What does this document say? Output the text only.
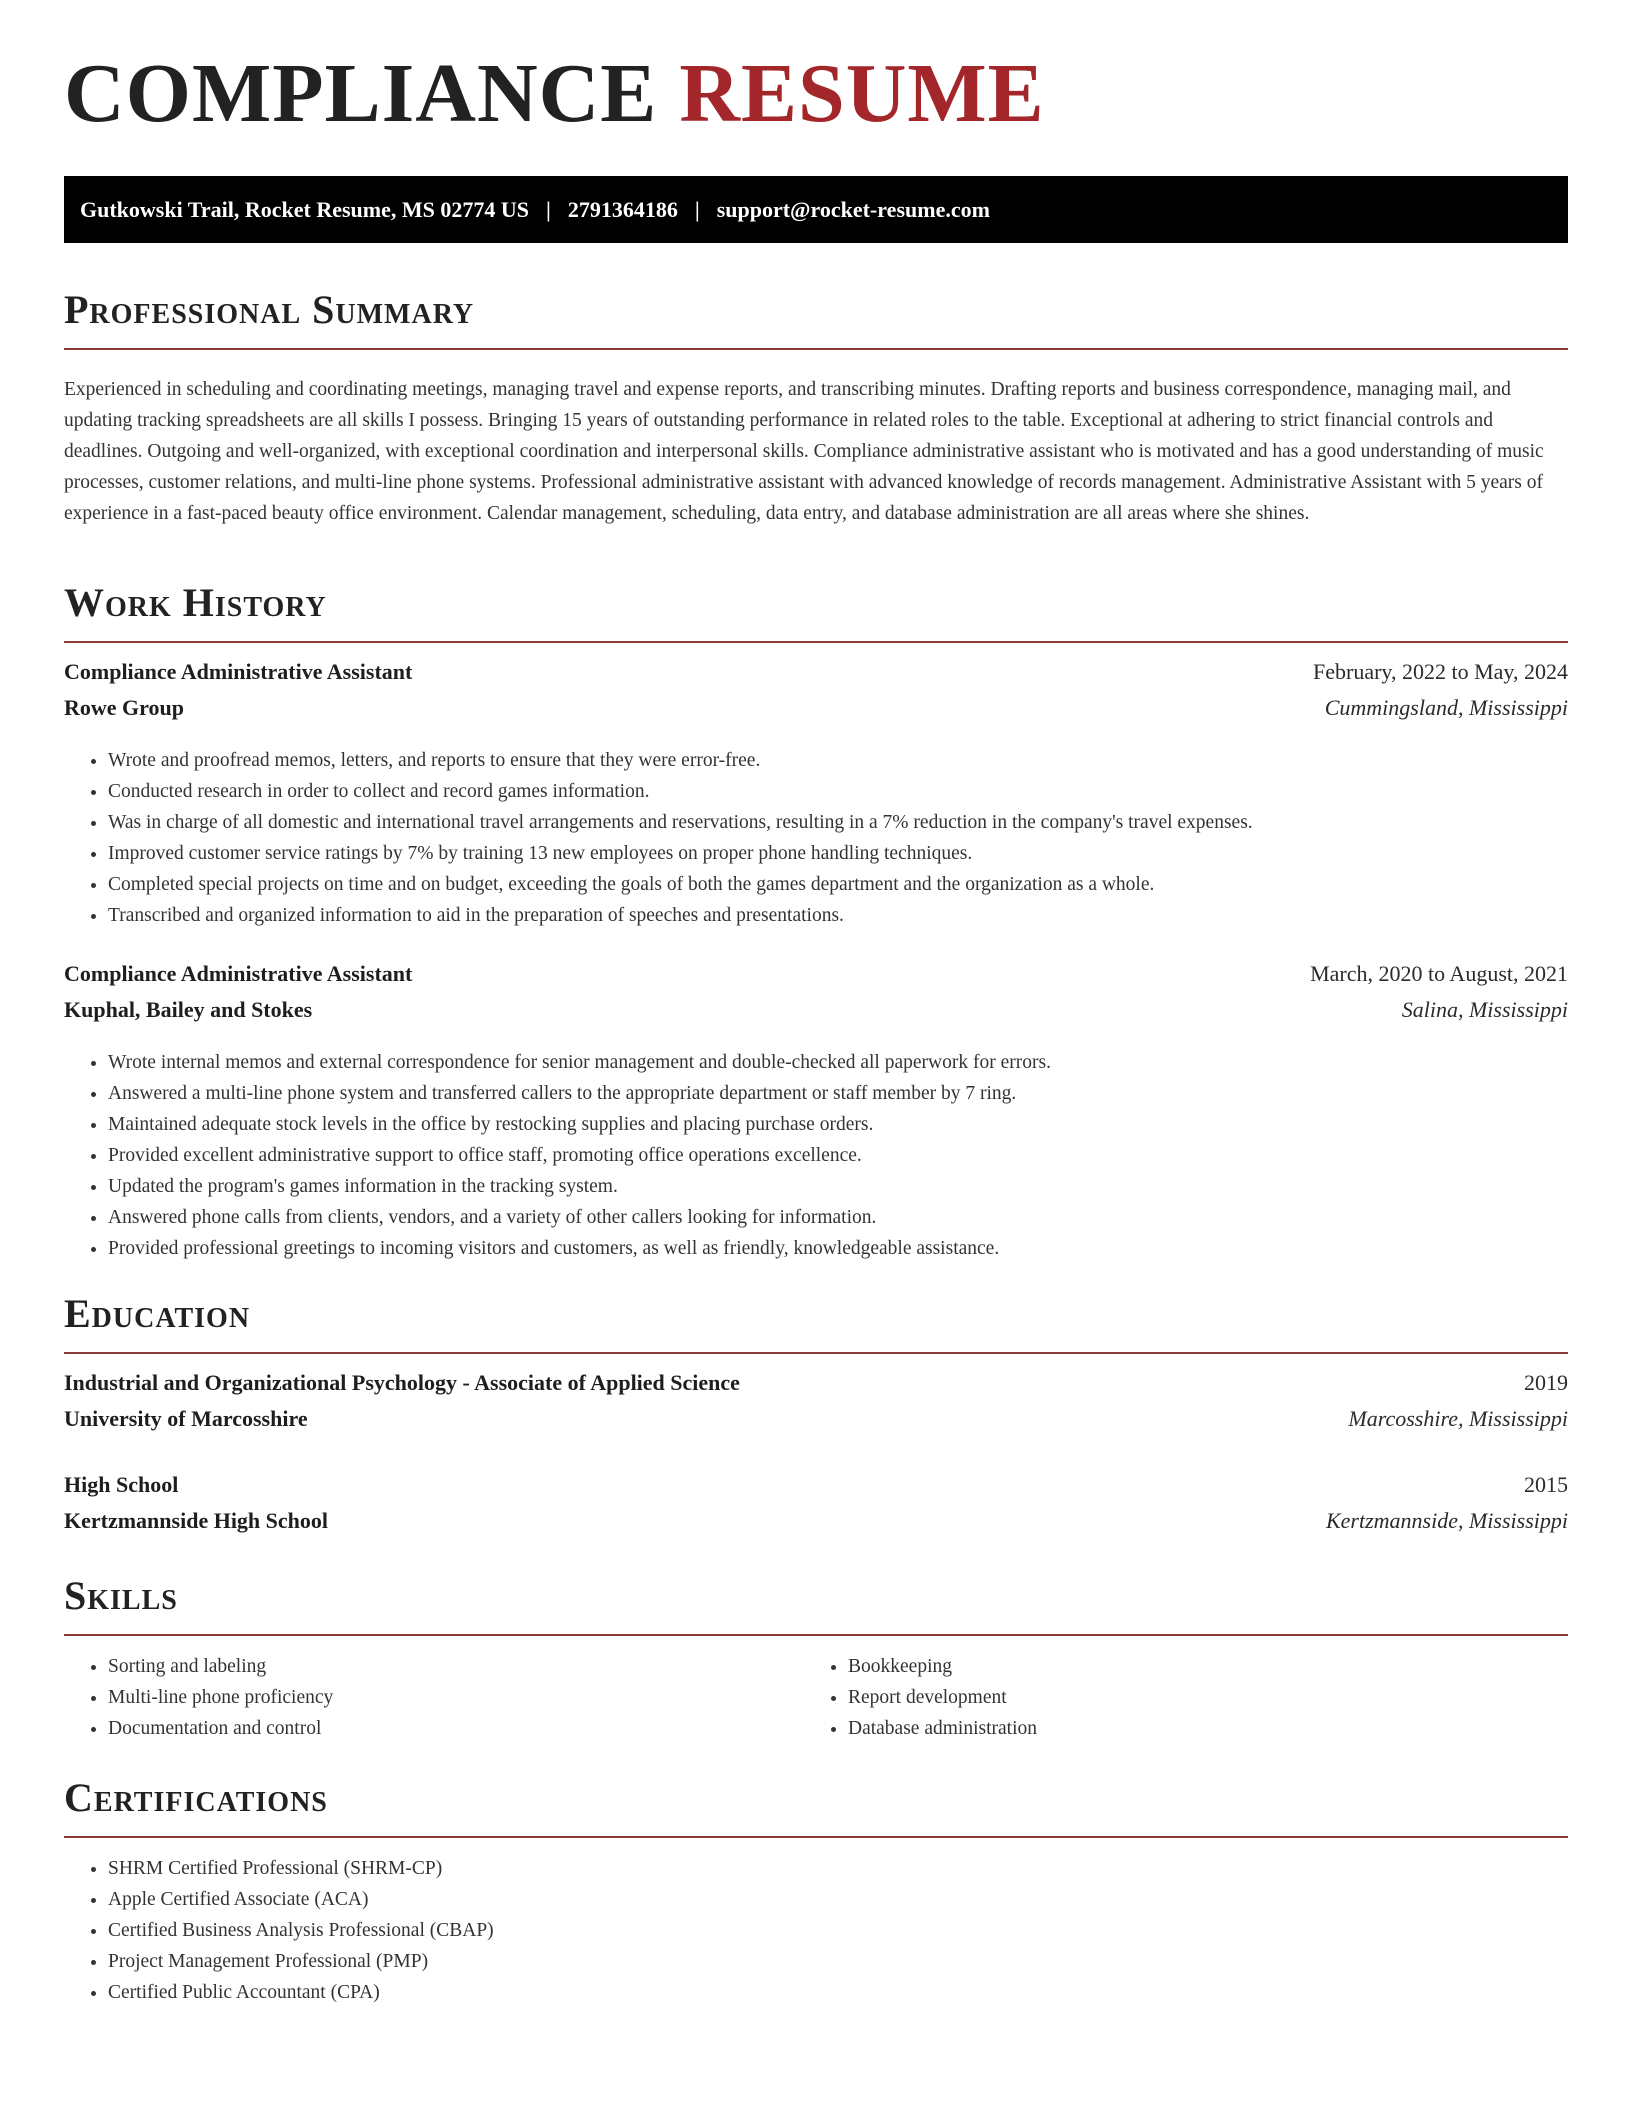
COMPLIANCE RESUME
Gutkowski Trail, Rocket Resume, MS 02774 US | 2791364186 | support@rocket-resume.com
Professional Summary

Experienced in scheduling and coordinating meetings, managing travel and expense reports, and transcribing minutes. Drafting reports and business correspondence, managing mail, and updating tracking spreadsheets are all skills I possess. Bringing 15 years of outstanding performance in related roles to the table. Exceptional at adhering to strict financial controls and deadlines. Outgoing and well-organized, with exceptional coordination and interpersonal skills. Compliance administrative assistant who is motivated and has a good understanding of music processes, customer relations, and multi-line phone systems. Professional administrative assistant with advanced knowledge of records management. Administrative Assistant with 5 years of experience in a fast-paced beauty office environment. Calendar management, scheduling, data entry, and database administration are all areas where she shines.

Work History
Compliance Administrative Assistant	February, 2022 to May, 2024
Rowe Group	Cummingsland, Mississippi
• Wrote and proofread memos, letters, and reports to ensure that they were error-free.
• Conducted research in order to collect and record games information.
• Was in charge of all domestic and international travel arrangements and reservations, resulting in a 7% reduction in the company's travel expenses.
• Improved customer service ratings by 7% by training 13 new employees on proper phone handling techniques.
• Completed special projects on time and on budget, exceeding the goals of both the games department and the organization as a whole.
• Transcribed and organized information to aid in the preparation of speeches and presentations.
Compliance Administrative Assistant	March, 2020 to August, 2021
Kuphal, Bailey and Stokes	Salina, Mississippi
• Wrote internal memos and external correspondence for senior management and double-checked all paperwork for errors.
• Answered a multi-line phone system and transferred callers to the appropriate department or staff member by 7 ring.
• Maintained adequate stock levels in the office by restocking supplies and placing purchase orders.
• Provided excellent administrative support to office staff, promoting office operations excellence.
• Updated the program's games information in the tracking system.
• Answered phone calls from clients, vendors, and a variety of other callers looking for information.
• Provided professional greetings to incoming visitors and customers, as well as friendly, knowledgeable assistance.
Education
Industrial and Organizational Psychology - Associate of Applied Science	2019
University of Marcosshire	Marcosshire, Mississippi
High School	2015
Kertzmannside High School	Kertzmannside, Mississippi
Skills
• Sorting and labeling
• Multi-line phone proficiency
• Documentation and control
• Bookkeeping
• Report development
• Database administration
Certifications
• SHRM Certified Professional (SHRM-CP)
• Apple Certified Associate (ACA)
• Certified Business Analysis Professional (CBAP)
• Project Management Professional (PMP)
• Certified Public Accountant (CPA)
